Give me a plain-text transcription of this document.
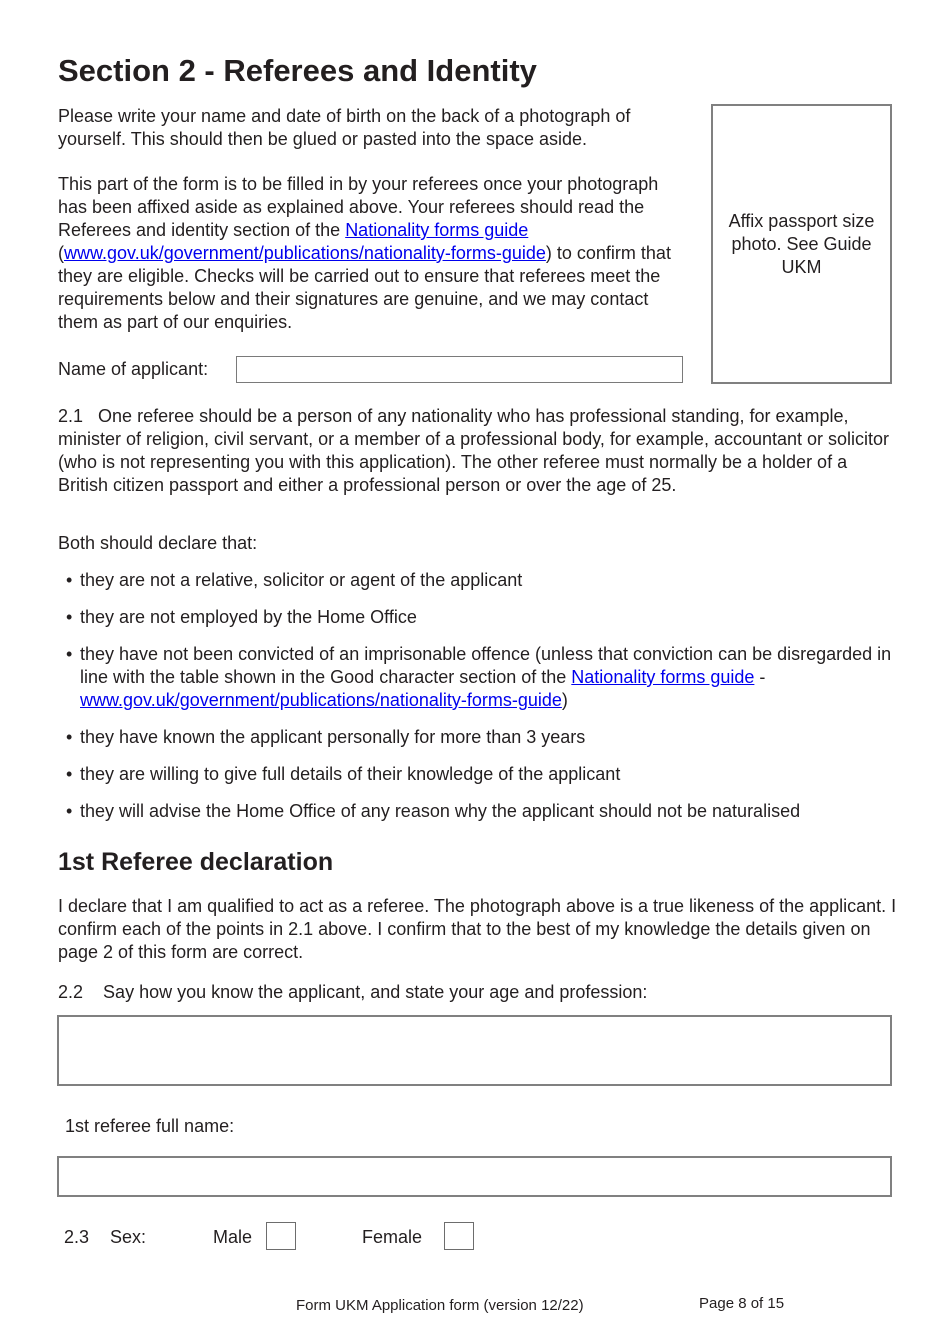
Section 2 - Referees and Identity

Please write your name and date of birth on the back of a photograph of yourself. This should then be glued or pasted into the space aside.

This part of the form is to be filled in by your referees once your photograph has been affixed aside as explained above. Your referees should read the Referees and identity section of the Nationality forms guide (www.gov.uk/government/publications/nationality-forms-guide) to confirm that they are eligible. Checks will be carried out to ensure that referees meet the requirements below and their signatures are genuine, and we may contact them as part of our enquiries.

Affix passport size photo. See Guide UKM
Name of applicant:

2.1 One referee should be a person of any nationality who has professional standing, for example, minister of religion, civil servant, or a member of a professional body, for example, accountant or solicitor (who is not representing you with this application). The other referee must normally be a holder of a British citizen passport and either a professional person or over the age of 25.

Both should declare that:

• they are not a relative, solicitor or agent of the applicant
• they are not employed by the Home Office
• they have not been convicted of an imprisonable offence (unless that conviction can be disregarded in line with the table shown in the Good character section of the Nationality forms guide - www.gov.uk/government/publications/nationality-forms-guide)
• they have known the applicant personally for more than 3 years
• they are willing to give full details of their knowledge of the applicant
• they will advise the Home Office of any reason why the applicant should not be naturalised
1st Referee declaration

I declare that I am qualified to act as a referee. The photograph above is a true likeness of the applicant. I confirm each of the points in 2.1 above. I confirm that to the best of my knowledge the details given on page 2 of this form are correct.

2.2 Say how you know the applicant, and state your age and profession:

1st referee full name:
2.3 Sex:	Male	Female
Form UKM Application form (version 12/22)	Page 8 of 15
